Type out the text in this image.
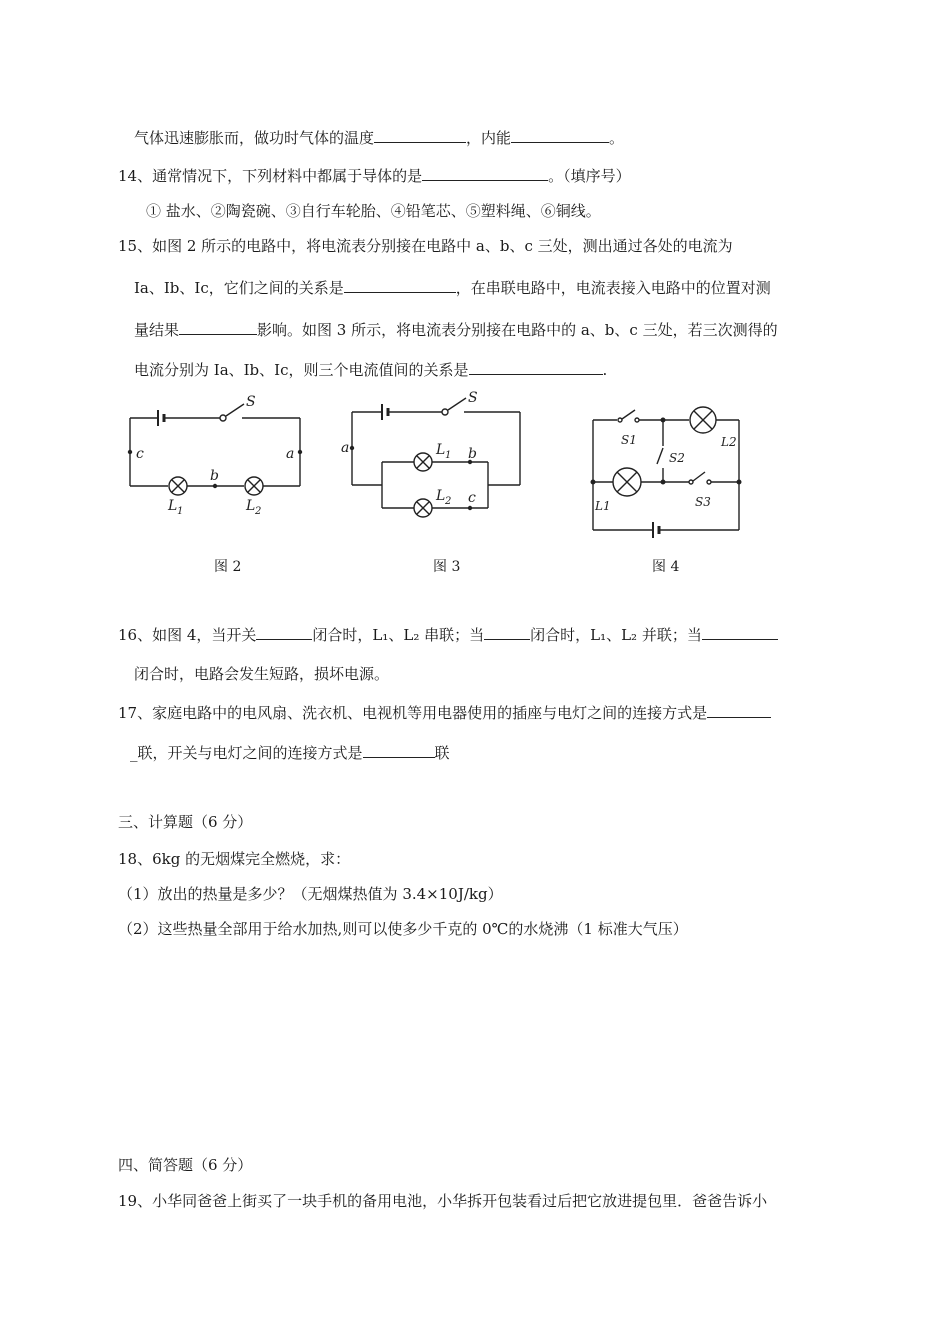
气体迅速膨胀而，做功时气体的温度	，内能	。
14、通常情况下，下列材料中都属于导体的是	。（填序号）
① 盐水、②陶瓷碗、③自行车轮胎、④铅笔芯、⑤塑料绳、⑥铜线。
15、如图 2 所示的电路中，将电流表分别接在电路中 a、b、c 三处，测出通过各处的电流为
Ia、Ib、Ic，它们之间的关系是	，在串联电路中，电流表接入电路中的位置对测
量结果	影响。如图 3 所示，将电流表分别接在电路中的 a、b、c 三处，若三次测得的
电流分别为 Ia、Ib、Ic，则三个电流值间的关系是	.
S
c	a
b
L 1	L 2
S
a	b
c
L 1
L 2
S1	L2
S2
L1	S3
图 2	图 3	图 4
16、如图 4，当开关	闭合时，L₁、L₂ 串联；当	闭合时，L₁、L₂ 并联；当
闭合时，电路会发生短路，损坏电源。
17、家庭电路中的电风扇、洗衣机、电视机等用电器使用的插座与电灯之间的连接方式是
_联，开关与电灯之间的连接方式是	联
三、计算题（6 分）
18、6kg 的无烟煤完全燃烧，求：
（1）放出的热量是多少？（无烟煤热值为 3.4×10J/kg）
（2）这些热量全部用于给水加热,则可以使多少千克的 0℃的水烧沸（1 标准大气压）
四、简答题（6 分）
19、小华同爸爸上街买了一块手机的备用电池，小华拆开包装看过后把它放进提包里．爸爸告诉小
